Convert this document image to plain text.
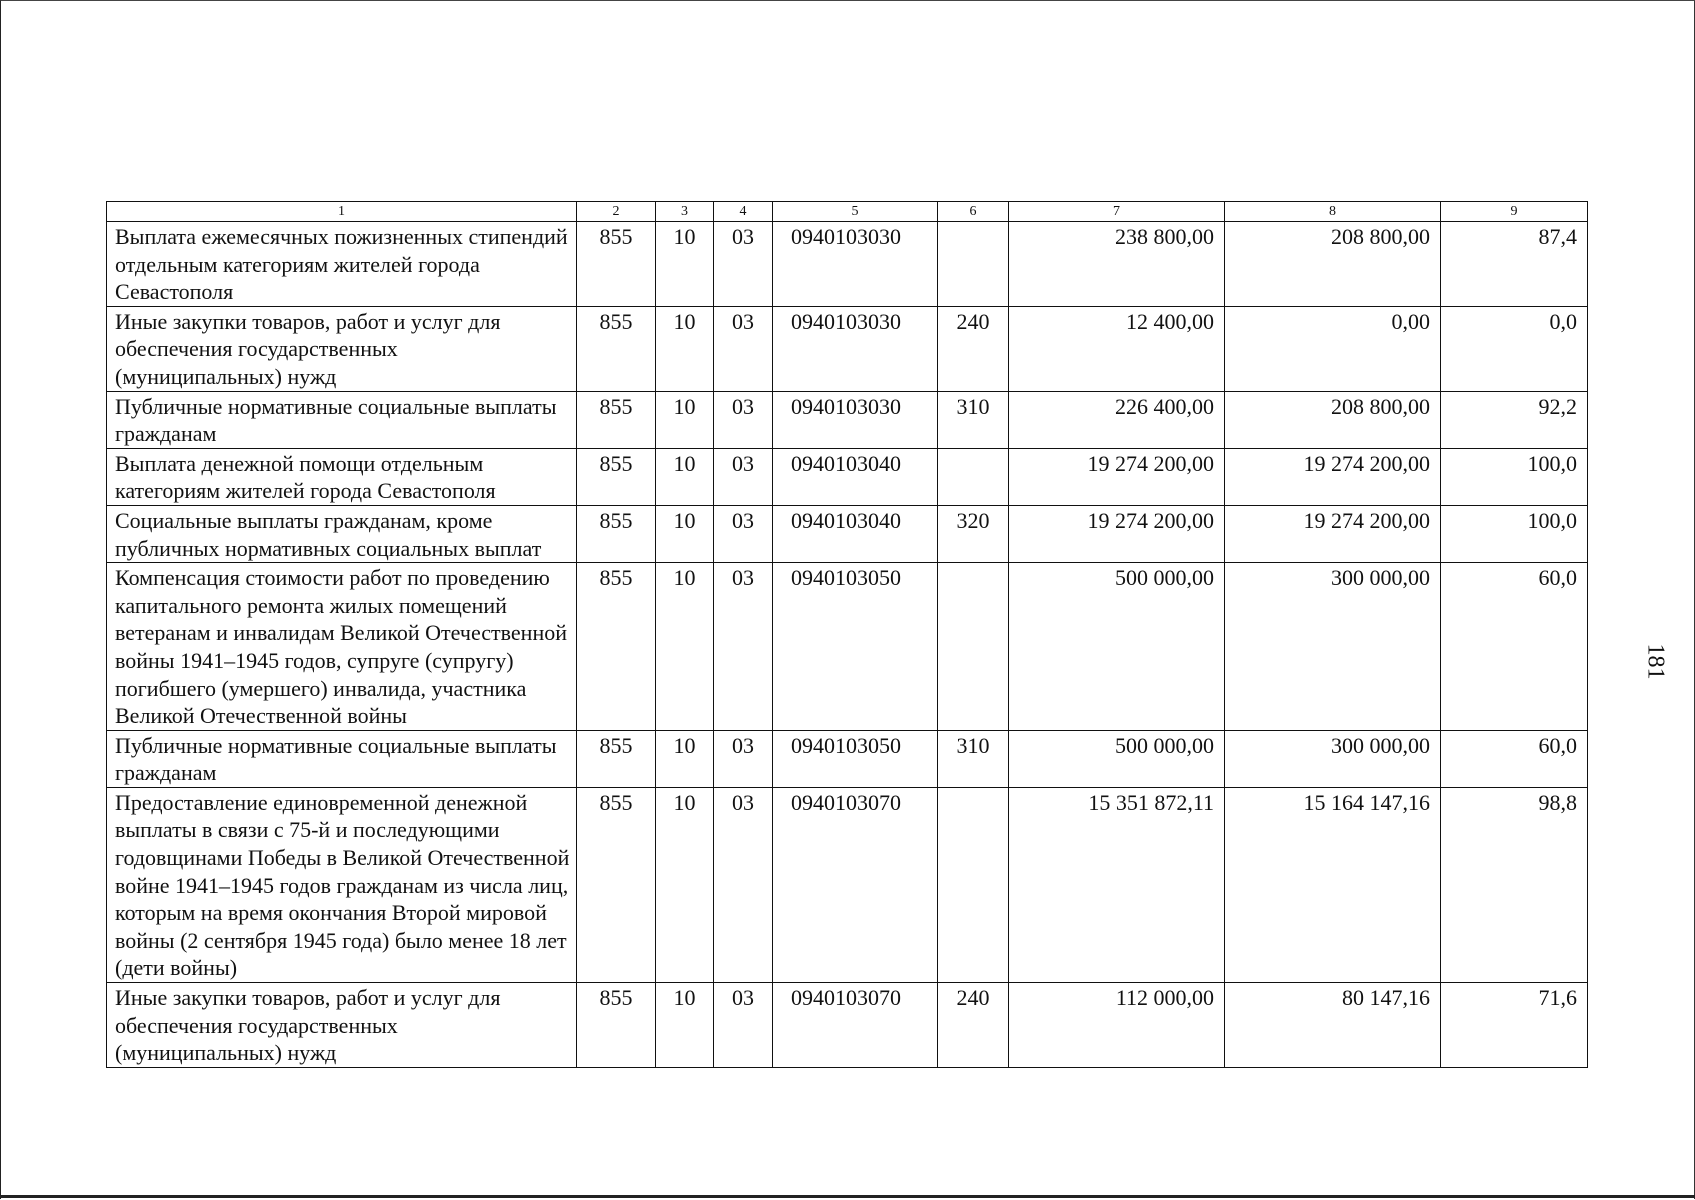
1	2	3	4	5	6	7	8	9
Выплата ежемесячных пожизненных стипендий отдельным категориям жителей города Севастополя	855	10	03	0940103030		238 800,00	208 800,00	87,4
Иные закупки товаров, работ и услуг для обеспечения государственных (муниципальных) нужд	855	10	03	0940103030	240	12 400,00	0,00	0,0
Публичные нормативные социальные выплаты гражданам	855	10	03	0940103030	310	226 400,00	208 800,00	92,2
Выплата денежной помощи отдельным категориям жителей города Севастополя	855	10	03	0940103040		19 274 200,00	19 274 200,00	100,0
Социальные выплаты гражданам, кроме публичных нормативных социальных выплат	855	10	03	0940103040	320	19 274 200,00	19 274 200,00	100,0
Компенсация стоимости работ по проведению капитального ремонта жилых помещений ветеранам и инвалидам Великой Отечественной войны 1941–1945 годов, супруге (супругу) погибшего (умершего) инвалида, участника Великой Отечественной войны	855	10	03	0940103050		500 000,00	300 000,00	60,0
Публичные нормативные социальные выплаты гражданам	855	10	03	0940103050	310	500 000,00	300 000,00	60,0
Предоставление единовременной денежной выплаты в связи с 75-й и последующими годовщинами Победы в Великой Отечественной войне 1941–1945 годов гражданам из числа лиц, которым на время окончания Второй мировой войны (2 сентября 1945 года) было менее 18 лет (дети войны)	855	10	03	0940103070		15 351 872,11	15 164 147,16	98,8
Иные закупки товаров, работ и услуг для обеспечения государственных (муниципальных) нужд	855	10	03	0940103070	240	112 000,00	80 147,16	71,6
181
